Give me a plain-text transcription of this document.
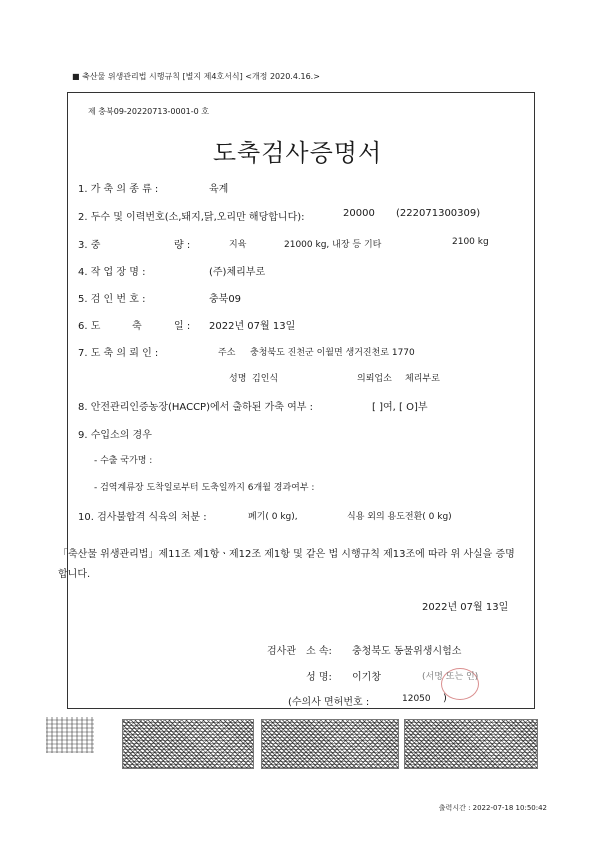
■ 축산물 위생관리법 시행규칙 [별지 제4호서식] <개정 2020.4.16.>
제 충북09-20220713-0001-0 호
도축검사증명서
1. 가 축 의 종 류 :	육계
2. 두수 및 이력번호(소,돼지,닭,오리만 해당합니다):	20000 (222071300309)
3. 중	량 :	지육	21000 kg, 내장 등 기타	2100 kg
4. 작 업 장 명 :	(주)체리부로
5. 검 인 번 호 :	충북09
6. 도	축	일 : 2022년 07월 13일
7. 도 축 의 뢰 인 :	주소 충청북도 진천군 이월면 생거진천로 1770
성명 김인식	의뢰업소 체리부로
8. 안전관리인증농장(HACCP)에서 출하된 가축 여부 :	[ ]여, [ O]부
9. 수입소의 경우
- 수출 국가명 :
- 검역계류장 도착일로부터 도축일까지 6개월 경과여부 :
10. 검사불합격 식육의 처분 :	폐기( 0 kg),	식용 외의 용도전환( 0 kg)
「축산물 위생관리법」제11조 제1항ㆍ제12조 제1항 및 같은 법 시행규칙 제13조에 따라 위 사실을 증명
합니다.
2022년 07월 13일
검사관 소 속: 충청북도 동물위생시험소
성 명: 이기창	(서명 또는 인)
(수의사 면허번호 :	12050 )
출력시간 : 2022-07-18 10:50:42
